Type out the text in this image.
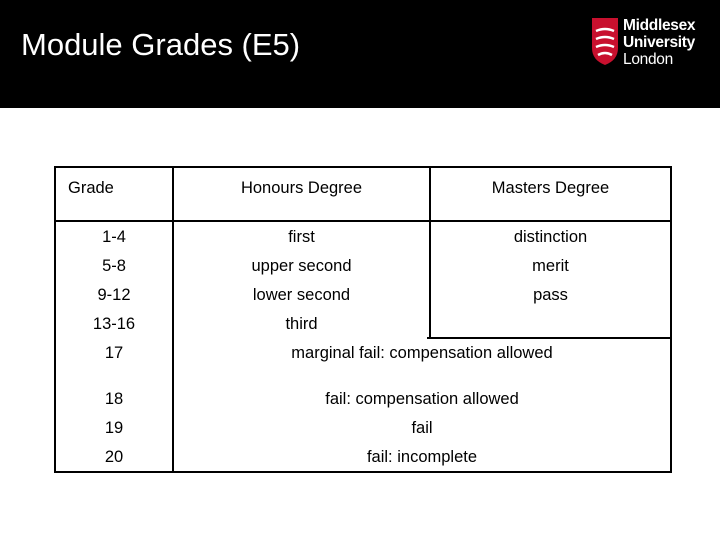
Module Grades (E5)
Middlesex
University
London
Grade	Honours Degree	Masters Degree

1-4	first	distinction

5-8	upper second	merit

9-12	lower second	pass

13-16	third	

17	marginal fail: compensation allowed	

18	fail: compensation allowed	

19	fail	

20	fail: incomplete	
